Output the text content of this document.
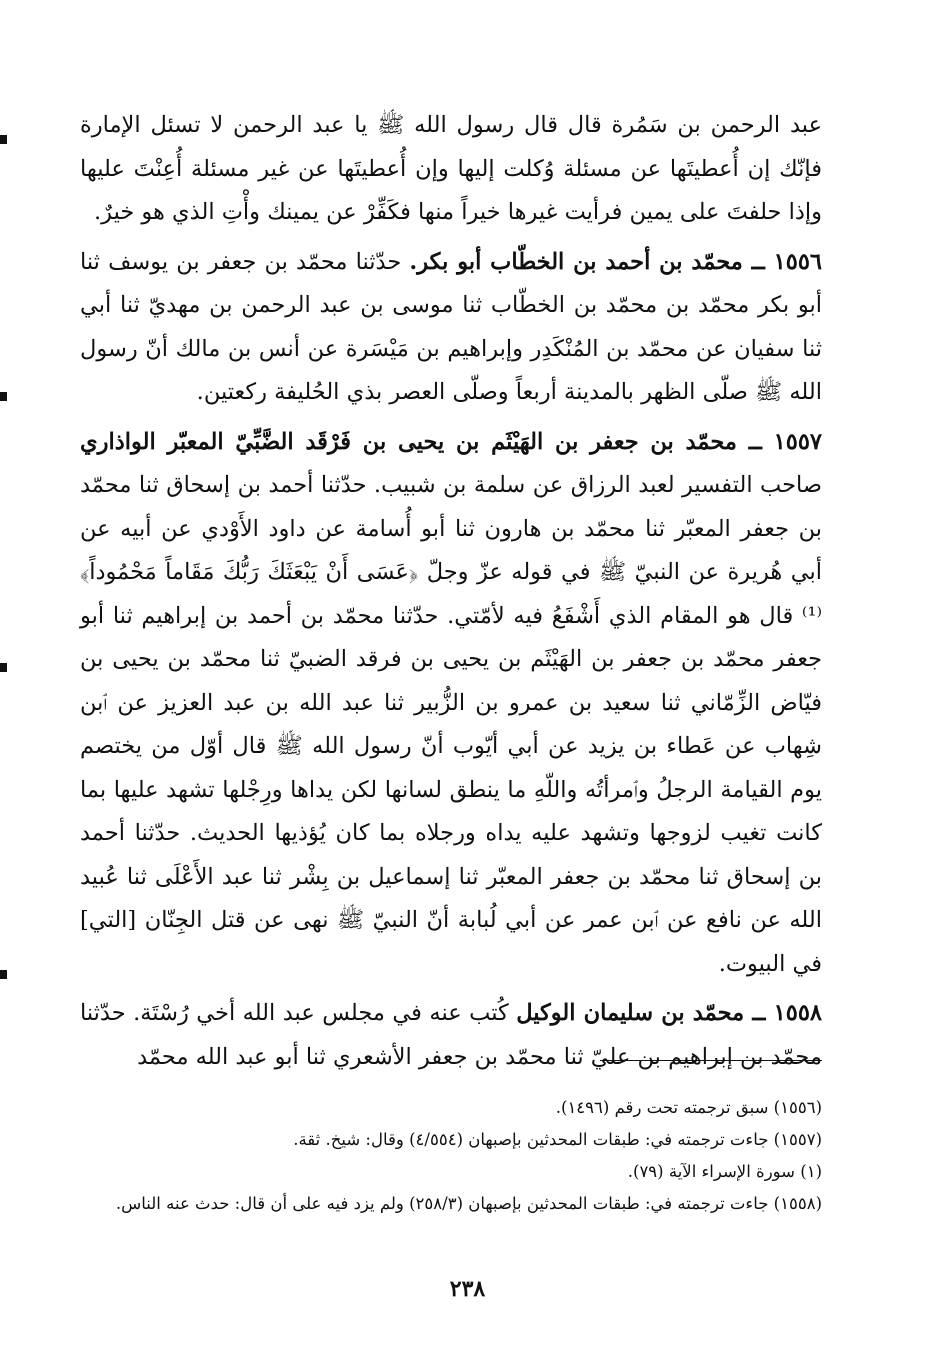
عبد الرحمن بن سَمُرة قال قال رسول الله ﷺ يا عبد الرحمن لا تسئل الإمارة فإنّك إن أُعطيتَها عن مسئلة وُكلت إليها وإن أُعطيتَها عن غير مسئلة أُعِنْتَ عليها وإذا حلفتَ على يمين فرأيت غيرها خيراً منها فكَفِّرْ عن يمينك وأْتِ الذي هو خيرٌ.

١٥٥٦ ــ محمّد بن أحمد بن الخطّاب أبو بكر. حدّثنا محمّد بن جعفر بن يوسف ثنا أبو بكر محمّد بن محمّد بن الخطّاب ثنا موسى بن عبد الرحمن بن مهديّ ثنا أبي ثنا سفيان عن محمّد بن المُنْكَدِر وإبراهيم بن مَيْسَرة عن أنس بن مالك أنّ رسول الله ﷺ صلّى الظهر بالمدينة أربعاً وصلّى العصر بذي الحُليفة ركعتين.

١٥٥٧ ــ محمّد بن جعفر بن الهَيْثَم بن يحيى بن فَرْقَد الضَّبِّيّ المعبّر الواذاري صاحب التفسير لعبد الرزاق عن سلمة بن شبيب. حدّثنا أحمد بن إسحاق ثنا محمّد بن جعفر المعبّر ثنا محمّد بن هارون ثنا أبو أُسامة عن داود الأَوْدي عن أبيه عن أبي هُريرة عن النبيّ ﷺ في قوله عزّ وجلّ ﴿عَسَى أَنْ يَبْعَثَكَ رَبُّكَ مَقَاماً مَحْمُوداً﴾⁽¹⁾ قال هو المقام الذي أَشْفَعُ فيه لأمّتي. حدّثنا محمّد بن أحمد بن إبراهيم ثنا أبو جعفر محمّد بن جعفر بن الهَيْثَم بن يحيى بن فرقد الضبيّ ثنا محمّد بن يحيى بن فيّاض الزِّمّاني ثنا سعيد بن عمرو بن الزُّبير ثنا عبد الله بن عبد العزيز عن ٱبن شِهاب عن عَطاء بن يزيد عن أبي أيّوب أنّ رسول الله ﷺ قال أوّل من يختصم يوم القيامة الرجلُ وٱمرأتُه واللّهِ ما ينطق لسانها لكن يداها ورِجْلها تشهد عليها بما كانت تغيب لزوجها وتشهد عليه يداه ورجلاه بما كان يُؤذيها الحديث. حدّثنا أحمد بن إسحاق ثنا محمّد بن جعفر المعبّر ثنا إسماعيل بن بِشْر ثنا عبد الأَعْلَى ثنا عُبيد الله عن نافع عن ٱبن عمر عن أبي لُبابة أنّ النبيّ ﷺ نهى عن قتل الجِنّان [التي] في البيوت.

١٥٥٨ ــ محمّد بن سليمان الوكيل كُتب عنه في مجلس عبد الله أخي رُسْتَة. حدّثنا محمّد بن إبراهيم بن عليّ ثنا محمّد بن جعفر الأشعري ثنا أبو عبد الله محمّد

(١٥٥٦) سبق ترجمته تحت رقم (١٤٩٦).

(١٥٥٧) جاءت ترجمته في: طبقات المحدثين بإصبهان (٤/٥٥٤) وقال: شيخ. ثقة.

(١) سورة الإسراء الآية (٧٩).

(١٥٥٨) جاءت ترجمته في: طبقات المحدثين بإصبهان (٢٥٨/٣) ولم يزد فيه على أن قال: حدث عنه الناس.

٢٣٨
